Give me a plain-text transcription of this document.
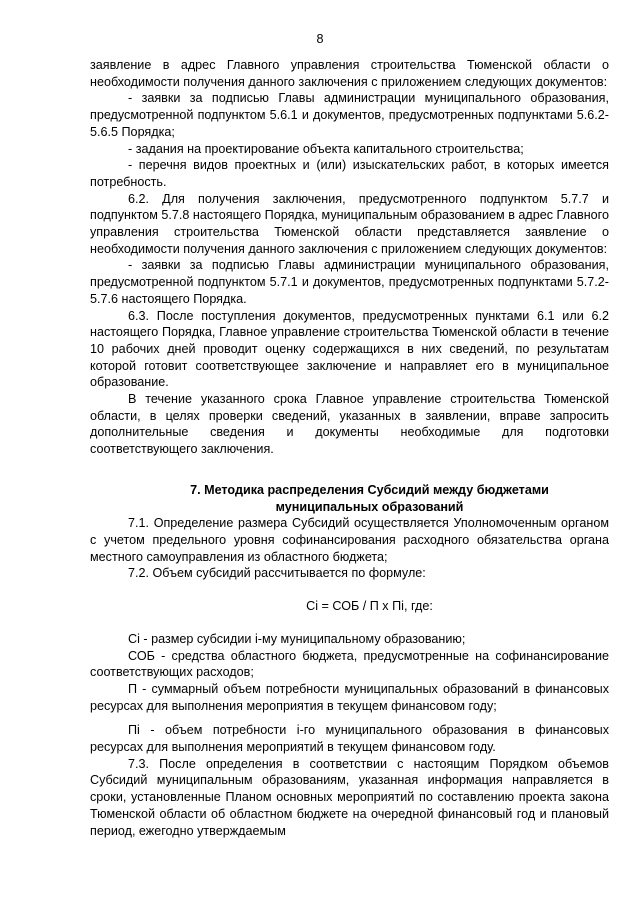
8

заявление в адрес Главного управления строительства Тюменской области о необходимости получения данного заключения с приложением следующих документов:

- заявки за подписью Главы администрации муниципального образования, предусмотренной подпунктом 5.6.1 и документов, предусмотренных подпунктами 5.6.2-5.6.5 Порядка;

- задания на проектирование объекта капитального строительства;

- перечня видов проектных и (или) изыскательских работ, в которых имеется потребность.

6.2. Для получения заключения, предусмотренного подпунктом 5.7.7 и подпунктом 5.7.8 настоящего Порядка, муниципальным образованием в адрес Главного управления строительства Тюменской области представляется заявление о необходимости получения данного заключения с приложением следующих документов:

- заявки за подписью Главы администрации муниципального образования, предусмотренной подпунктом 5.7.1 и документов, предусмотренных подпунктами 5.7.2-5.7.6 настоящего Порядка.

6.3. После поступления документов, предусмотренных пунктами 6.1 или 6.2 настоящего Порядка, Главное управление строительства Тюменской области в течение 10 рабочих дней проводит оценку содержащихся в них сведений, по результатам которой готовит соответствующее заключение и направляет его в муниципальное образование.

В течение указанного срока Главное управление строительства Тюменской области, в целях проверки сведений, указанных в заявлении, вправе запросить дополнительные сведения и документы необходимые для подготовки соответствующего заключения.

7. Методика распределения Субсидий между бюджетами
муниципальных образований

7.1. Определение размера Субсидий осуществляется Уполномоченным органом с учетом предельного уровня софинансирования расходного обязательства органа местного самоуправления из областного бюджета;

7.2. Объем субсидий рассчитывается по формуле:

Сi = СОБ / П х Пi, где:

Сi - размер субсидии i-му муниципальному образованию;

СОБ - средства областного бюджета, предусмотренные на софинансирование соответствующих расходов;

П - суммарный объем потребности муниципальных образований в финансовых ресурсах для выполнения мероприятия в текущем финансовом году;

Пi - объем потребности i-го муниципального образования в финансовых ресурсах для выполнения мероприятий в текущем финансовом году.

7.3. После определения в соответствии с настоящим Порядком объемов Субсидий муниципальным образованиям, указанная информация направляется в сроки, установленные Планом основных мероприятий по составлению проекта закона Тюменской области об областном бюджете на очередной финансовый год и плановый период, ежегодно утверждаемым
